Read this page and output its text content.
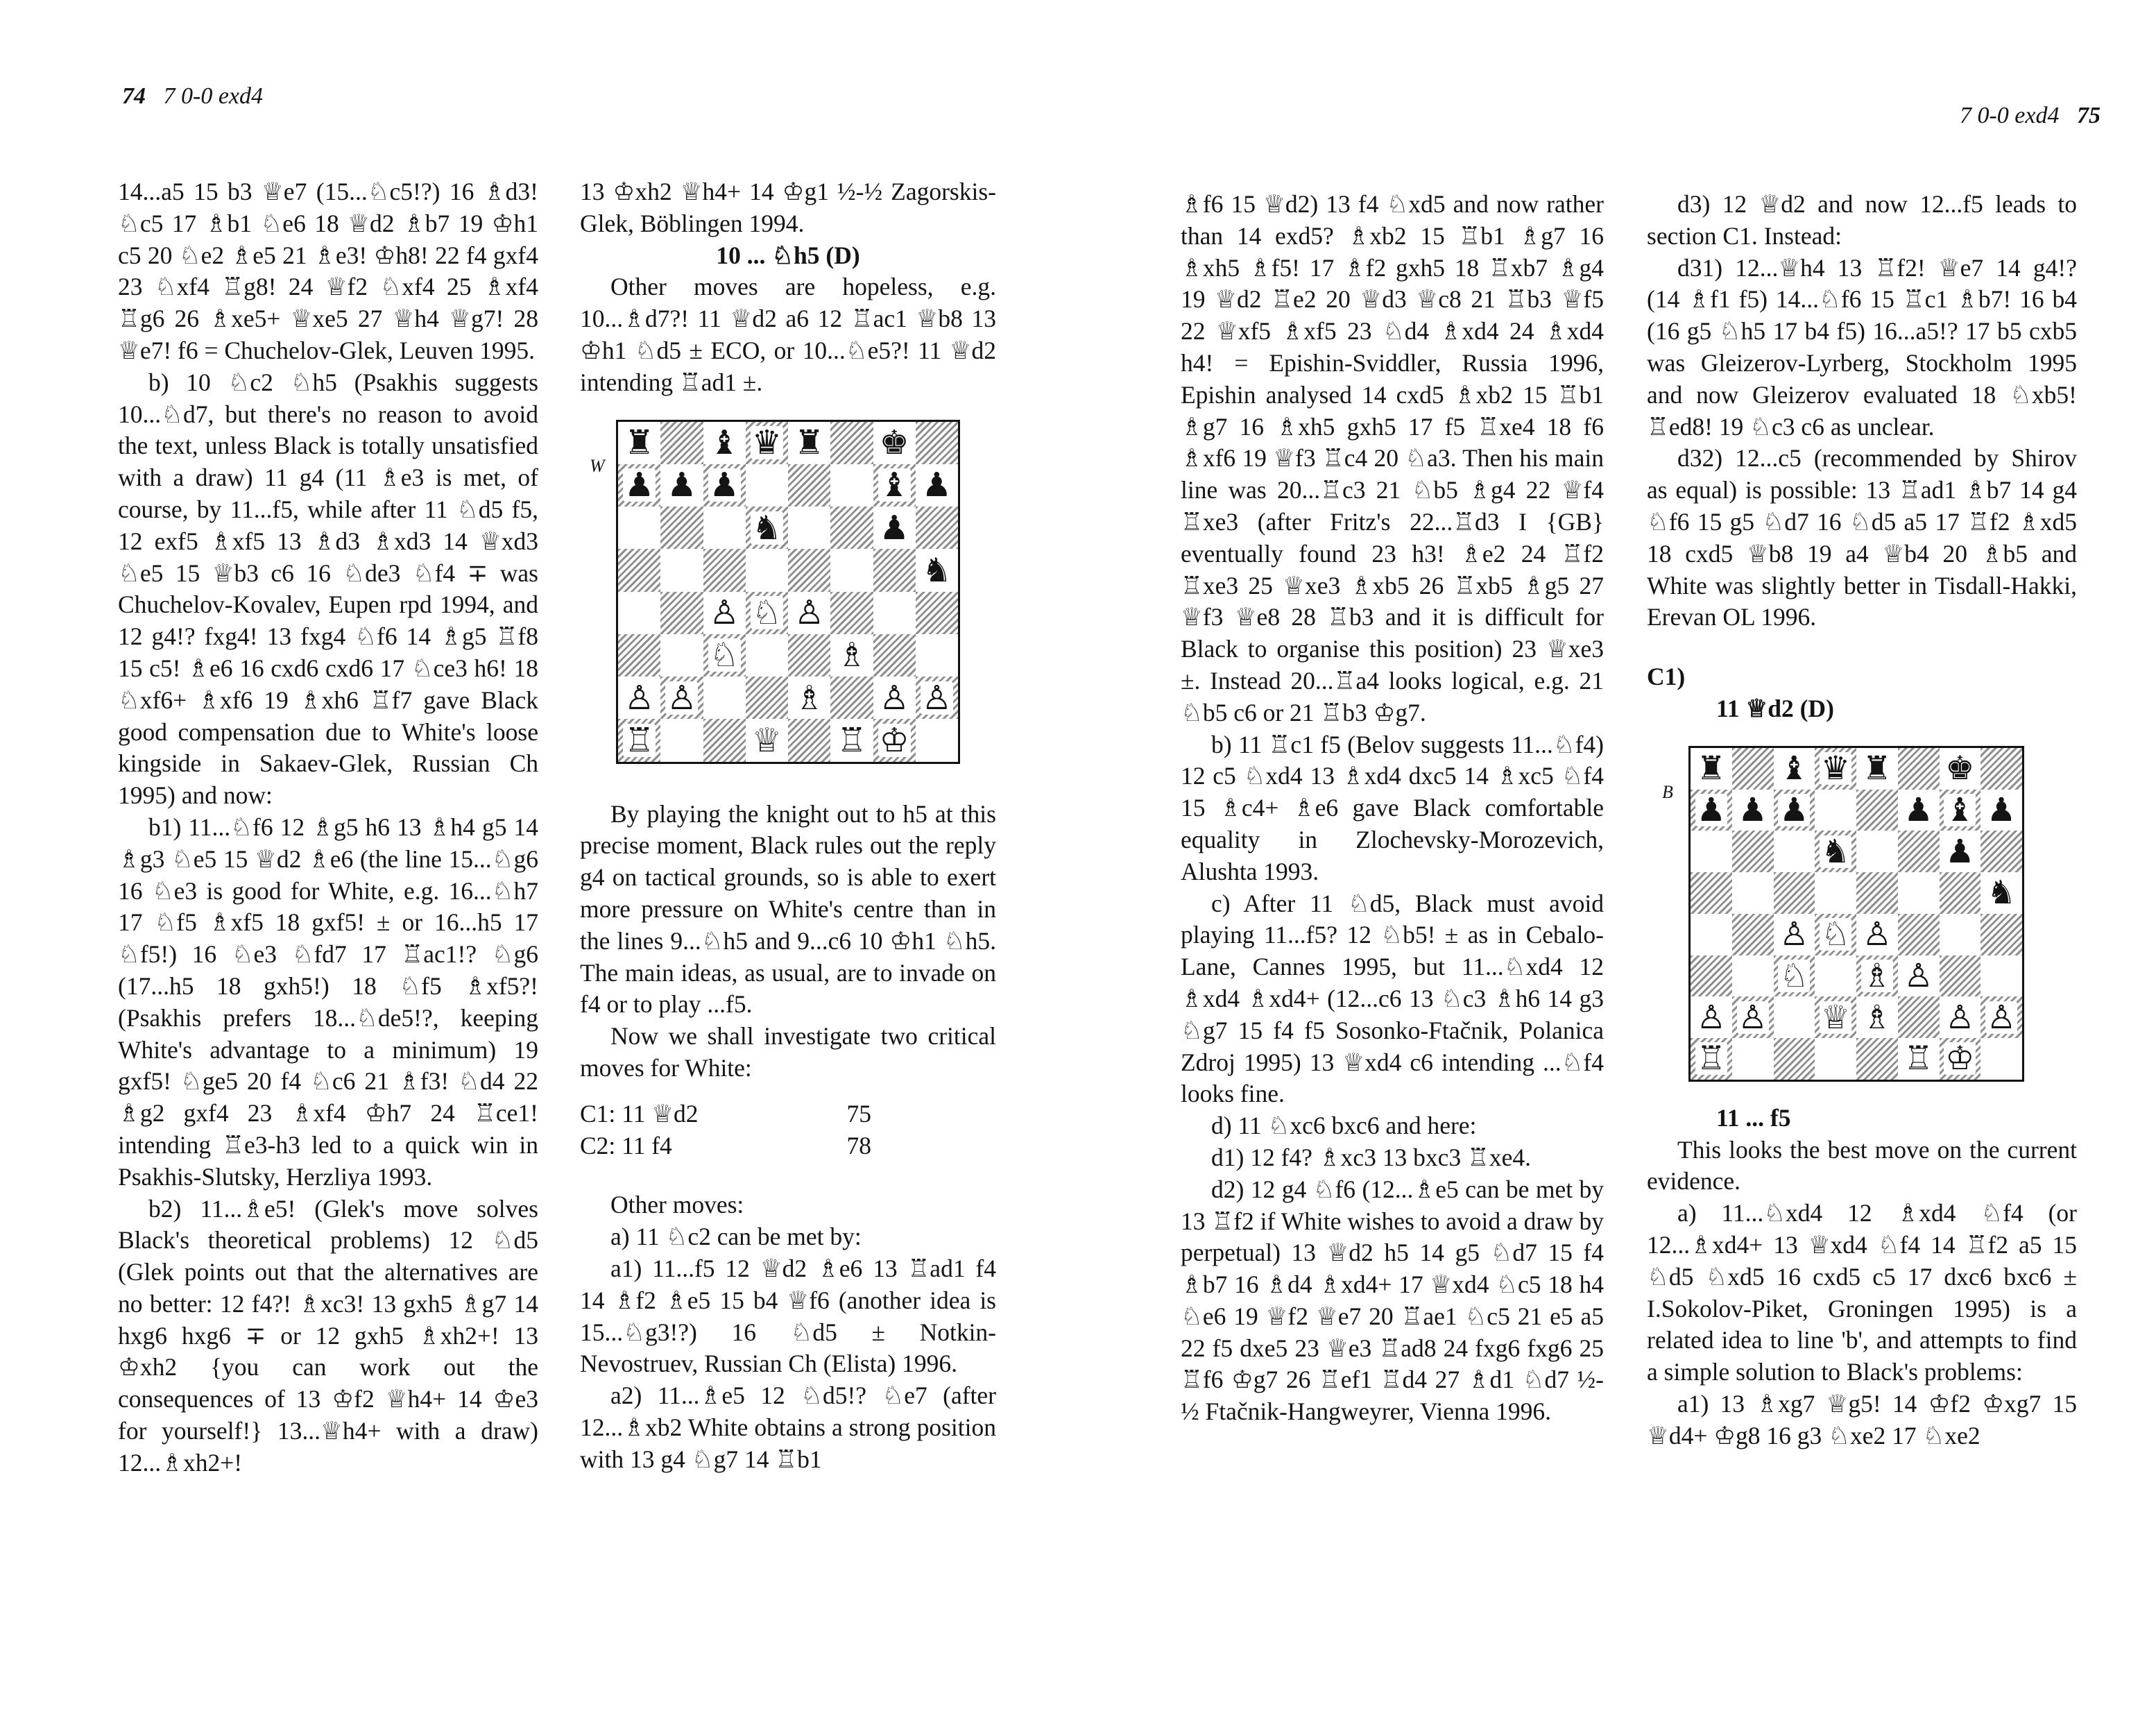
74 7 0-0 exd4

14...a5 15 b3 ♕e7 (15...♘c5!?) 16 ♗d3! ♘c5 17 ♗b1 ♘e6 18 ♕d2 ♗b7 19 ♔h1 c5 20 ♘e2 ♗e5 21 ♗e3! ♔h8! 22 f4 gxf4 23 ♘xf4 ♖g8! 24 ♕f2 ♘xf4 25 ♗xf4 ♖g6 26 ♗xe5+ ♕xe5 27 ♕h4 ♕g7! 28 ♕e7! f6 = Chuchelov-Glek, Leuven 1995.

b) 10 ♘c2 ♘h5 (Psakhis suggests 10...♘d7, but there's no reason to avoid the text, unless Black is totally unsatisfied with a draw) 11 g4 (11 ♗e3 is met, of course, by 11...f5, while after 11 ♘d5 f5, 12 exf5 ♗xf5 13 ♗d3 ♗xd3 14 ♕xd3 ♘e5 15 ♕b3 c6 16 ♘de3 ♘f4 ∓ was Chuchelov-Kovalev, Eupen rpd 1994, and 12 g4!? fxg4! 13 fxg4 ♘f6 14 ♗g5 ♖f8 15 c5! ♗e6 16 cxd6 cxd6 17 ♘ce3 h6! 18 ♘xf6+ ♗xf6 19 ♗xh6 ♖f7 gave Black good compensation due to White's loose kingside in Sakaev-Glek, Russian Ch 1995) and now:

b1) 11...♘f6 12 ♗g5 h6 13 ♗h4 g5 14 ♗g3 ♘e5 15 ♕d2 ♗e6 (the line 15...♘g6 16 ♘e3 is good for White, e.g. 16...♘h7 17 ♘f5 ♗xf5 18 gxf5! ± or 16...h5 17 ♘f5!) 16 ♘e3 ♘fd7 17 ♖ac1!? ♘g6 (17...h5 18 gxh5!) 18 ♘f5 ♗xf5?! (Psakhis prefers 18...♘de5!?, keeping White's advantage to a minimum) 19 gxf5! ♘ge5 20 f4 ♘c6 21 ♗f3! ♘d4 22 ♗g2 gxf4 23 ♗xf4 ♔h7 24 ♖ce1! intending ♖e3-h3 led to a quick win in Psakhis-Slutsky, Herzliya 1993.

b2) 11...♗e5! (Glek's move solves Black's theoretical problems) 12 ♘d5 (Glek points out that the alternatives are no better: 12 f4?! ♗xc3! 13 gxh5 ♗g7 14 hxg6 hxg6 ∓ or 12 gxh5 ♗xh2+! 13 ♔xh2 {you can work out the consequences of 13 ♔f2 ♕h4+ 14 ♔e3 for yourself!} 13...♕h4+ with a draw) 12...♗xh2+!

13 ♔xh2 ♕h4+ 14 ♔g1 ½-½ Zagorskis-Glek, Böblingen 1994.

10 ... ♘h5 (D)

Other moves are hopeless, e.g. 10...♗d7?! 11 ♕d2 a6 12 ♖ac1 ♕b8 13 ♔h1 ♘d5 ± ECO, or 10...♘e5?! 11 ♕d2 intending ♖ad1 ±.

W
♜ ♝ ♛ ♜ ♚
♟ ♟ ♟	♝ ♟
♞	♟
♞
♙ ♘ ♙
♘	♗
♙ ♙	♗ ♙ ♙
♖	♕ ♖ ♔

By playing the knight out to h5 at this precise moment, Black rules out the reply g4 on tactical grounds, so is able to exert more pressure on White's centre than in the lines 9...♘h5 and 9...c6 10 ♔h1 ♘h5. The main ideas, as usual, are to invade on f4 or to play ...f5.

Now we shall investigate two critical moves for White:

C1: 11 ♕d2	75
C2: 11 f4	78

Other moves:

a) 11 ♘c2 can be met by:

a1) 11...f5 12 ♕d2 ♗e6 13 ♖ad1 f4 14 ♗f2 ♗e5 15 b4 ♕f6 (another idea is 15...♘g3!?) 16 ♘d5 ± Notkin-Nevostruev, Russian Ch (Elista) 1996.

a2) 11...♗e5 12 ♘d5!? ♘e7 (after 12...♗xb2 White obtains a strong position with 13 g4 ♘g7 14 ♖b1

7 0-0 exd4 75

♗f6 15 ♕d2) 13 f4 ♘xd5 and now rather than 14 exd5? ♗xb2 15 ♖b1 ♗g7 16 ♗xh5 ♗f5! 17 ♗f2 gxh5 18 ♖xb7 ♗g4 19 ♕d2 ♖e2 20 ♕d3 ♕c8 21 ♖b3 ♕f5 22 ♕xf5 ♗xf5 23 ♘d4 ♗xd4 24 ♗xd4 h4! = Epishin-Sviddler, Russia 1996, Epishin analysed 14 cxd5 ♗xb2 15 ♖b1 ♗g7 16 ♗xh5 gxh5 17 f5 ♖xe4 18 f6 ♗xf6 19 ♕f3 ♖c4 20 ♘a3. Then his main line was 20...♖c3 21 ♘b5 ♗g4 22 ♕f4 ♖xe3 (after Fritz's 22...♖d3 I {GB} eventually found 23 h3! ♗e2 24 ♖f2 ♖xe3 25 ♕xe3 ♗xb5 26 ♖xb5 ♗g5 27 ♕f3 ♕e8 28 ♖b3 and it is difficult for Black to organise this position) 23 ♕xe3 ±. Instead 20...♖a4 looks logical, e.g. 21 ♘b5 c6 or 21 ♖b3 ♔g7.

b) 11 ♖c1 f5 (Belov suggests 11...♘f4) 12 c5 ♘xd4 13 ♗xd4 dxc5 14 ♗xc5 ♘f4 15 ♗c4+ ♗e6 gave Black comfortable equality in Zlochevsky-Morozevich, Alushta 1993.

c) After 11 ♘d5, Black must avoid playing 11...f5? 12 ♘b5! ± as in Cebalo-Lane, Cannes 1995, but 11...♘xd4 12 ♗xd4 ♗xd4+ (12...c6 13 ♘c3 ♗h6 14 g3 ♘g7 15 f4 f5 Sosonko-Ftačnik, Polanica Zdroj 1995) 13 ♕xd4 c6 intending ...♘f4 looks fine.

d) 11 ♘xc6 bxc6 and here:

d1) 12 f4? ♗xc3 13 bxc3 ♖xe4.

d2) 12 g4 ♘f6 (12...♗e5 can be met by 13 ♖f2 if White wishes to avoid a draw by perpetual) 13 ♕d2 h5 14 g5 ♘d7 15 f4 ♗b7 16 ♗d4 ♗xd4+ 17 ♕xd4 ♘c5 18 h4 ♘e6 19 ♕f2 ♕e7 20 ♖ae1 ♘c5 21 e5 a5 22 f5 dxe5 23 ♕e3 ♖ad8 24 fxg6 fxg6 25 ♖f6 ♔g7 26 ♖ef1 ♖d4 27 ♗d1 ♘d7 ½-½ Ftačnik-Hangweyrer, Vienna 1996.

d3) 12 ♕d2 and now 12...f5 leads to section C1. Instead:

d31) 12...♕h4 13 ♖f2! ♕e7 14 g4!? (14 ♗f1 f5) 14...♘f6 15 ♖c1 ♗b7! 16 b4 (16 g5 ♘h5 17 b4 f5) 16...a5!? 17 b5 cxb5 was Gleizerov-Lyrberg, Stockholm 1995 and now Gleizerov evaluated 18 ♘xb5! ♖ed8! 19 ♘c3 c6 as unclear.

d32) 12...c5 (recommended by Shirov as equal) is possible: 13 ♖ad1 ♗b7 14 g4 ♘f6 15 g5 ♘d7 16 ♘d5 a5 17 ♖f2 ♗xd5 18 cxd5 ♕b8 19 a4 ♕b4 20 ♗b5 and White was slightly better in Tisdall-Hakki, Erevan OL 1996.

C1)

11 ♕d2 (D)

B
♜ ♝ ♛ ♜ ♚
♟ ♟ ♟	♟ ♝ ♟
♞	♟
♞
♙ ♘ ♙
♘ ♗ ♙
♙ ♙ ♕ ♗ ♙ ♙
♖	♖ ♔

11 ... f5

This looks the best move on the current evidence.

a) 11...♘xd4 12 ♗xd4 ♘f4 (or 12...♗xd4+ 13 ♕xd4 ♘f4 14 ♖f2 a5 15 ♘d5 ♘xd5 16 cxd5 c5 17 dxc6 bxc6 ± I.Sokolov-Piket, Groningen 1995) is a related idea to line 'b', and attempts to find a simple solution to Black's problems:

a1) 13 ♗xg7 ♕g5! 14 ♔f2 ♔xg7 15 ♕d4+ ♔g8 16 g3 ♘xe2 17 ♘xe2
